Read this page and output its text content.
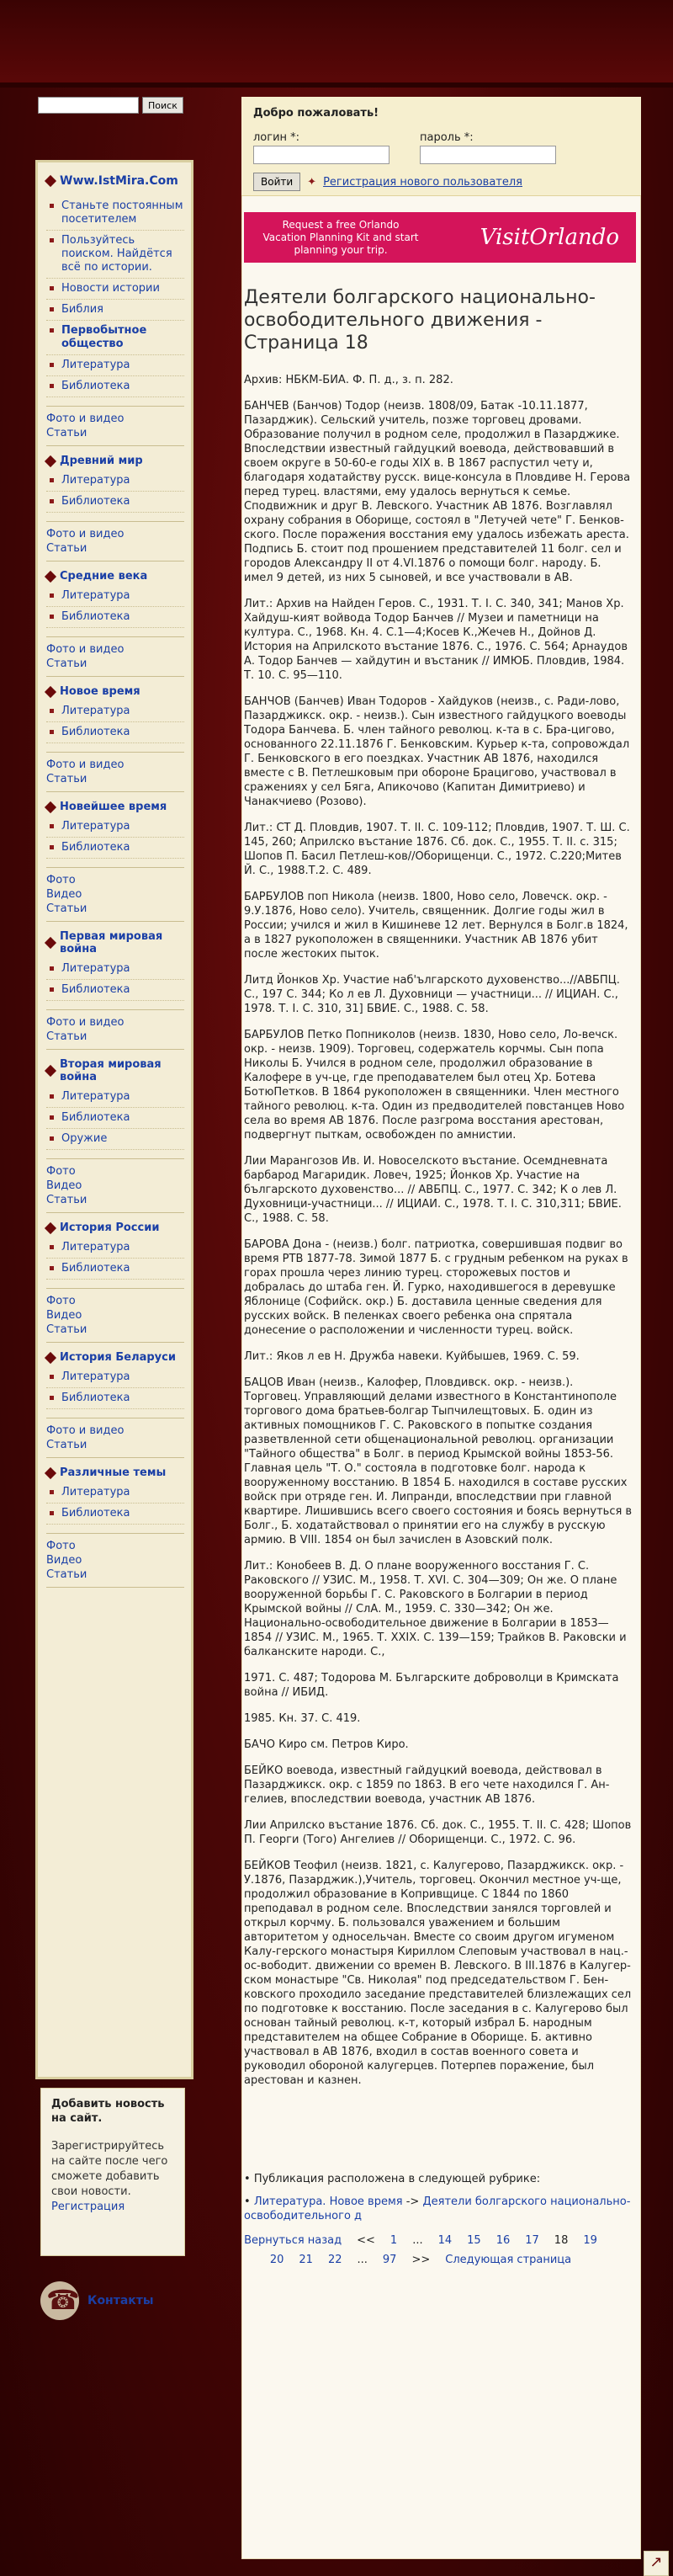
Поиск
Www.IstMira.Com
Станьте постоянным посетителем
Пользуйтесь поиском. Найдётся всё по истории.
Новости истории
Библия
Первобытное общество
Литература
Библиотека
Фото и видео
Статьи
Древний мир
Литература
Библиотека
Фото и видео
Статьи
Средние века
Литература
Библиотека
Фото и видео
Статьи
Новое время
Литература
Библиотека
Фото и видео
Статьи
Новейшее время
Литература
Библиотека
Фото
Видео
Статьи
Первая мировая война
Литература
Библиотека
Фото и видео
Статьи
Вторая мировая война
Литература
Библиотека
Оружие
Фото
Видео
Статьи
История России
Литература
Библиотека
Фото
Видео
Статьи
История Беларуси
Литература
Библиотека
Фото и видео
Статьи
Различные темы
Литература
Библиотека
Фото
Видео
Статьи
Добавить новость на сайт.
Зарегистрируйтесь на сайте после чего сможете добавить свои новости. Регистрация
☎
Контакты
Добро пожаловать!
логин *:	пароль *:
Войти	✦ Регистрация нового пользователя
Request a free Orlando Vacation Planning Kit and start planning your trip.	VisitOrlando
Деятели болгарского национально-освободительного движения - Страница 18

Архив: НБКМ-БИА. Ф. П. д., з. п. 282.

БАНЧЕВ (Банчов) Тодор (неизв. 1808/09, Батак -10.11.1877, Пазарджик). Сельский учитель, позже торговец дровами. Образование получил в родном селе, продолжил в Пазарджике. Впоследствии известный гайдуцкий воевода, действовавший в своем округе в 50-60-е годы XIX в. В 1867 распустил чету и, благодаря ходатайству русск. вице-консула в Пловдиве Н. Герова перед турец. властями, ему удалось вернуться к семье. Сподвижник и друг В. Левского. Участник АВ 1876. Возглавлял охрану собрания в Оборище, состоял в "Летучей чете" Г. Бенков-ского. После поражения восстания ему удалось избежать ареста. Подпись Б. стоит под прошением представителей 11 болг. сел и городов Александру II от 4.VI.1876 о помощи болг. народу. Б. имел 9 детей, из них 5 сыновей, и все участвовали в АВ.

Лит.: Архив на Найден Геров. С., 1931. Т. I. С. 340, 341; Манов Хр. Хайдуш-кият войвода Тодор Банчев // Музеи и паметници на култура. С., 1968. Кн. 4. С.1—4;Косев К.,Жечев Н., Дойнов Д. История на Априлското въстание 1876. С., 1976. С. 564; Арнаудов А. Тодор Банчев — хайдутин и въстаник // ИМЮБ. Пловдив, 1984. Т. 10. С. 95—110.

БАНЧОВ (Банчев) Иван Тодоров - Хайдуков (неизв., с. Ради-лово, Пазарджикск. окр. - неизв.). Сын известного гайдуцкого воеводы Тодора Банчева. Б. член тайного революц. к-та в с. Бра-циговo, основанного 22.11.1876 Г. Бенковским. Курьер к-та, сопровождал Г. Бенковского в его поездках. Участник АВ 1876, находился вместе с В. Петлешковым при обороне Брацигово, участвовал в сражениях у сел Бяга, Апикочово (Капитан Димитриево) и Чанакчиево (Розово).

Лит.: СТ Д. Пловдив, 1907. Т. II. С. 109-112; Пловдив, 1907. Т. Ш. С. 145, 260; Априлско въстание 1876. Сб. док. С., 1955. Т. II. с. 315; Шопов П. Басил Петлеш-ков//Оборищенци. С., 1972. С.220;Митев Й. С., 1988.Т.2. С. 489.

БАРБУЛОВ поп Никола (неизв. 1800, Ново село, Ловечск. окр. - 9.У.1876, Ново село). Учитель, священник. Долгие годы жил в России; учился и жил в Кишиневе 12 лет. Вернулся в Болг.в 1824, а в 1827 рукоположен в священники. Участник АВ 1876 убит после жестоких пыток.

Литд Йонков Хр. Участие наб'ългарското духовенство...//АВБПЦ. С., 197 С. 344; Ко л ев Л. Духовници — участници... // ИЦИАН. С., 1978. Т. I. С. 310, 31] БВИЕ. С., 1988. С. 58.

БАРБУЛОВ Петко Попниколов (неизв. 1830, Ново село, Ло-вечск. окр. - неизв. 1909). Торговец, содержатель корчмы. Сын попа Николы Б. Учился в родном селе, продолжил образование в Калофере в уч-це, где преподавателем был отец Хр. Ботева БотюПетков. В 1864 рукоположен в священники. Член местного тайного революц. к-та. Один из предводителей повстанцев Ново села во время АВ 1876. После разгрома восстания арестован, подвергнут пыткам, освобожден по амнистии.

Лии Марангозов Ив. И. Новоселското въстание. Осемдневната барбарод Магаридик. Ловеч, 1925; Йонков Хр. Участие на българското духовенство... // АВБПЦ. С., 1977. С. 342; К о лев Л. Духовници-участници... // ИЦИАИ. С., 1978. Т. I. С. 310,311; БВИЕ. С., 1988. С. 58.

БАРОВА Дона - (неизв.) болг. патриотка, совершившая подвиг во время РТВ 1877-78. Зимой 1877 Б. с грудным ребенком на руках в горах прошла через линию турец. сторожевых постов и добралась до штаба ген. Й. Гурко, находившегося в деревушке Яблонице (Софийск. окр.) Б. доставила ценные сведения для русских войск. В пеленках своего ребенка она спрятала донесение о расположении и численности турец. войск.

Лит.: Яков л ев Н. Дружба навеки. Куйбышев, 1969. С. 59.

БАЦОВ Иван (неизв., Калофер, Пловдивск. окр. - неизв.). Торговец. Управляющий делами известного в Константинополе торгового дома братьев-болгар Тыпчилещтовых. Б. один из активных помощников Г. С. Раковского в попытке создания разветвленной сети общенациональной революц. организации "Тайного общества" в Болг. в период Крымской войны 1853-56. Главная цель "Т. О." состояла в подготовке болг. народа к вооруженному восстанию. В 1854 Б. находился в составе русских войск при отряде ген. И. Липранди, впоследствии при главной квартире. Лишившись всего своего состояния и боясь вернуться в Болг., Б. ходатайствовал о принятии его на службу в русскую армию. В VIII. 1854 он был зачислен в Азовский полк.

Лит.: Конобеев В. Д. О плане вооруженного восстания Г. С. Раковского // УЗИС. М., 1958. Т. XVI. С. 304—309; Он же. О плане вооруженной борьбы Г. С. Раковского в Болгарии в период Крымской войны // СлА. М., 1959. С. 330—342; Он же. Национально-освободительное движение в Болгарии в 1853—1854 // УЗИС. М., 1965. Т. ХХIХ. С. 139—159; Трайков В. Раковски и балканските народи. С.,

1971. С. 487; Тодорова М. Българските доброволци в Кримската война // ИБИД.

1985. Кн. 37. С. 419.

БАЧО Киро см. Петров Киро.

БЕЙКО воевода, известный гайдуцкий воевода, действовал в Пазарджикск. окр. с 1859 по 1863. В его чете находился Г. Ан-гелиев, впоследствии воевода, участник АВ 1876.

Лии Априлско въстание 1876. Сб. док. С., 1955. Т. II. С. 428; Шопов П. Георги (Того) Ангелиев // Оборищенци. С., 1972. С. 96.

БЕЙКОВ Теофил (неизв. 1821, с. Калугерово, Пазарджикск. окр. - У.1876, Пазарджик.),Учитель, торговец. Окончил местное уч-ще, продолжил образование в Копривщице. С 1844 по 1860 преподавал в родном селе. Впоследствии занялся торговлей и открыл корчму. Б. пользовался уважением и большим авторитетом у односельчан. Вместе со своим другом игуменом Калу-герского монастыря Кириллом Слеповым участвовал в нац.-ос-вободит. движении со времен В. Левского. В III.1876 в Калугер-ском монастыре "Св. Николая" под председательством Г. Бен-ковского проходило заседание представителей близлежащих сел по подготовке к восстанию. После заседания в с. Калугерово был основан тайный революц. к-т, который избрал Б. народным представителем на общее Собрание в Оборище. Б. активно участвовал в АВ 1876, входил в состав военного совета и руководил обороной калугерцев. Потерпев поражение, был арестован и казнен.

• Публикация расположена в следующей рубрике:
• Литература. Новое время -> Деятели болгарского национально-освободительного д
Вернуться назад << 1 ... 14 15 16 17 18 19
20 21 22 ... 97 >> Следующая страница
↗
